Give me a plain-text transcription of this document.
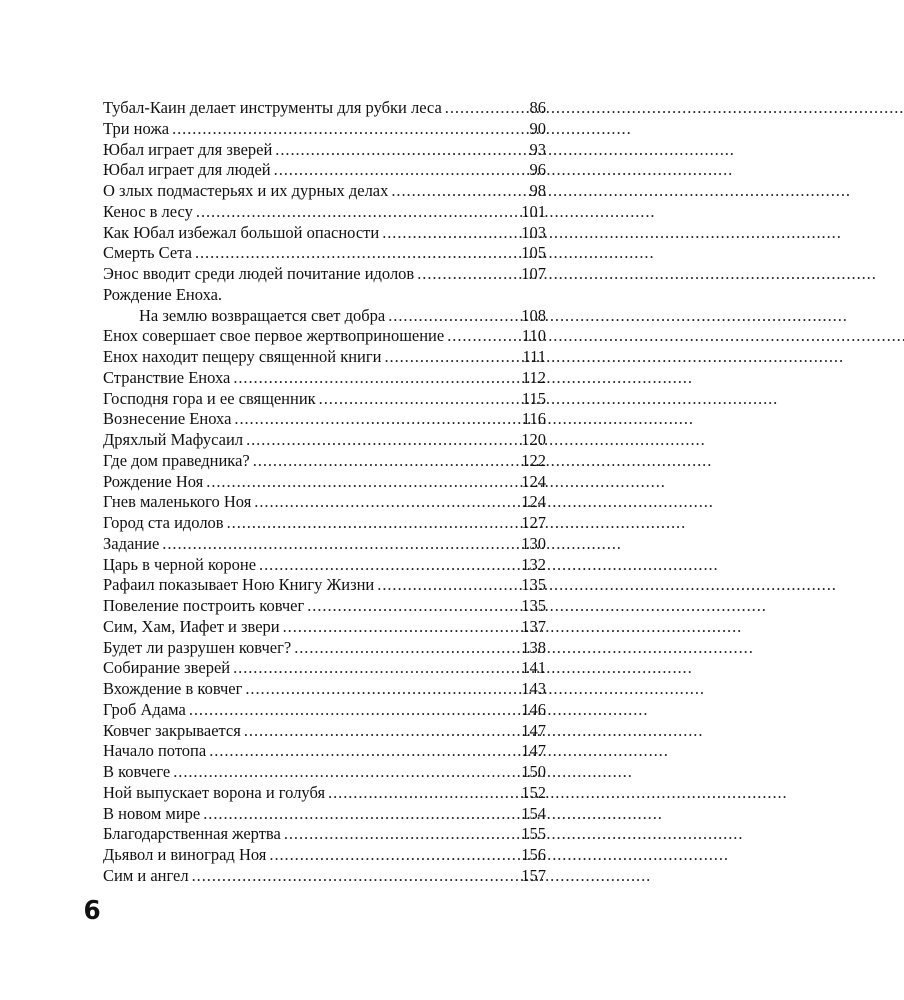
Тубал-Каин делает инструменты для рубки леса . . .	86
Три ножа . . .	90
Юбал играет для зверей . . .	93
Юбал играет для людей . . .	96
О злых подмастерьях и их дурных делах . . .	98
Кенос в лесу . . .	101
Как Юбал избежал большой опасности . . .	103
Смерть Сета . . .	105
Энос вводит среди людей почитание идолов . . .	107
Рождение Еноха.
На землю возвращается свет добра . . .	108
Енох совершает свое первое жертвоприношение . . .	110
Енох находит пещеру священной книги . . .	111
Странствие Еноха . . .	112
Господня гора и ее священник . . .	115
Вознесение Еноха . . .	116
Дряхлый Мафусаил . . .	120
Где дом праведника? . . .	122
Рождение Ноя . . .	124
Гнев маленького Ноя . . .	124
Город ста идолов . . .	127
Задание . . .	130
Царь в черной короне . . .	132
Рафаил показывает Ною Книгу Жизни . . .	135
Повеление построить ковчег . . .	135
Сим, Хам, Иафет и звери . . .	137
Будет ли разрушен ковчег? . . .	138
Собирание зверей . . .	141
Вхождение в ковчег . . .	143
Гроб Адама . . .	146
Ковчег закрывается . . .	147
Начало потопа . . .	147
В ковчеге . . .	150
Ной выпускает ворона и голубя . . .	152
В новом мире . . .	154
Благодарственная жертва . . .	155
Дьявол и виноград Ноя . . .	156
Сим и ангел . . .	157
6
